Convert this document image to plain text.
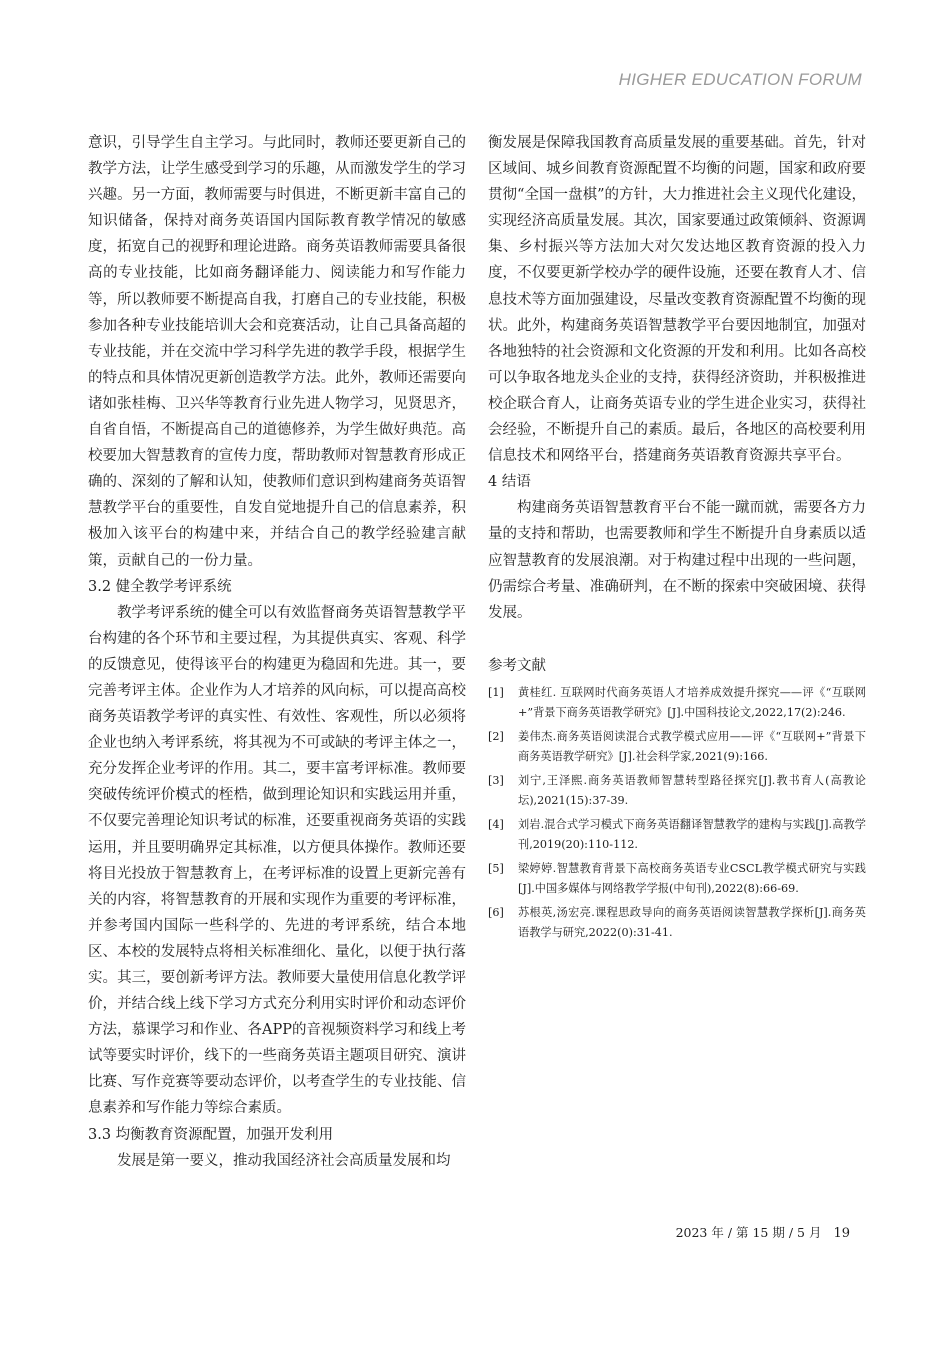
HIGHER EDUCATION FORUM

意识，引导学生自主学习。与此同时，教师还要更新自己的教学方法，让学生感受到学习的乐趣，从而激发学生的学习兴趣。另一方面，教师需要与时俱进，不断更新丰富自己的知识储备，保持对商务英语国内国际教育教学情况的敏感度，拓宽自己的视野和理论进路。商务英语教师需要具备很高的专业技能，比如商务翻译能力、阅读能力和写作能力等，所以教师要不断提高自我，打磨自己的专业技能，积极参加各种专业技能培训大会和竞赛活动，让自己具备高超的专业技能，并在交流中学习科学先进的教学手段，根据学生的特点和具体情况更新创造教学方法。此外，教师还需要向诸如张桂梅、卫兴华等教育行业先进人物学习，见贤思齐，自省自悟，不断提高自己的道德修养，为学生做好典范。高校要加大智慧教育的宣传力度，帮助教师对智慧教育形成正确的、深刻的了解和认知，使教师们意识到构建商务英语智慧教学平台的重要性，自发自觉地提升自己的信息素养，积极加入该平台的构建中来，并结合自己的教学经验建言献策，贡献自己的一份力量。

3.2 健全教学考评系统

教学考评系统的健全可以有效监督商务英语智慧教学平台构建的各个环节和主要过程，为其提供真实、客观、科学的反馈意见，使得该平台的构建更为稳固和先进。其一，要完善考评主体。企业作为人才培养的风向标，可以提高高校商务英语教学考评的真实性、有效性、客观性，所以必须将企业也纳入考评系统，将其视为不可或缺的考评主体之一，充分发挥企业考评的作用。其二，要丰富考评标准。教师要突破传统评价模式的桎梏，做到理论知识和实践运用并重，不仅要完善理论知识考试的标准，还要重视商务英语的实践运用，并且要明确界定其标准，以方便具体操作。教师还要将目光投放于智慧教育上，在考评标准的设置上更新完善有关的内容，将智慧教育的开展和实现作为重要的考评标准，并参考国内国际一些科学的、先进的考评系统，结合本地区、本校的发展特点将相关标准细化、量化，以便于执行落实。其三，要创新考评方法。教师要大量使用信息化教学评价，并结合线上线下学习方式充分利用实时评价和动态评价方法，慕课学习和作业、各APP的音视频资料学习和线上考试等要实时评价，线下的一些商务英语主题项目研究、演讲比赛、写作竞赛等要动态评价，以考查学生的专业技能、信息素养和写作能力等综合素质。

3.3 均衡教育资源配置，加强开发利用

发展是第一要义，推动我国经济社会高质量发展和均

衡发展是保障我国教育高质量发展的重要基础。首先，针对区域间、城乡间教育资源配置不均衡的问题，国家和政府要贯彻“全国一盘棋”的方针，大力推进社会主义现代化建设，实现经济高质量发展。其次，国家要通过政策倾斜、资源调集、乡村振兴等方法加大对欠发达地区教育资源的投入力度，不仅要更新学校办学的硬件设施，还要在教育人才、信息技术等方面加强建设，尽量改变教育资源配置不均衡的现状。此外，构建商务英语智慧教学平台要因地制宜，加强对各地独特的社会资源和文化资源的开发和利用。比如各高校可以争取各地龙头企业的支持，获得经济资助，并积极推进校企联合育人，让商务英语专业的学生进企业实习，获得社会经验，不断提升自己的素质。最后，各地区的高校要利用信息技术和网络平台，搭建商务英语教育资源共享平台。

4 结语

构建商务英语智慧教育平台不能一蹴而就，需要各方力量的支持和帮助，也需要教师和学生不断提升自身素质以适应智慧教育的发展浪潮。对于构建过程中出现的一些问题，仍需综合考量、准确研判，在不断的探索中突破困境、获得发展。

参考文献

[1]	黄桂红. 互联网时代商务英语人才培养成效提升探究——评《“互联网+”背景下商务英语教学研究》[J].中国科技论文,2022,17(2):246.
[2]	姜伟杰.商务英语阅读混合式教学模式应用——评《“互联网+”背景下商务英语教学研究》[J].社会科学家,2021(9):166.
[3]	刘宁,王泽熙.商务英语教师智慧转型路径探究[J].教书育人(高教论坛),2021(15):37-39.
[4]	刘岩.混合式学习模式下商务英语翻译智慧教学的建构与实践[J].高教学刊,2019(20):110-112.
[5]	梁婷婷.智慧教育背景下高校商务英语专业CSCL教学模式研究与实践[J].中国多媒体与网络教学学报(中旬刊),2022(8):66-69.
[6]	苏根英,汤宏亮.课程思政导向的商务英语阅读智慧教学探析[J].商务英语教学与研究,2022(0):31-41.
2023 年 / 第 15 期 / 5 月 19
